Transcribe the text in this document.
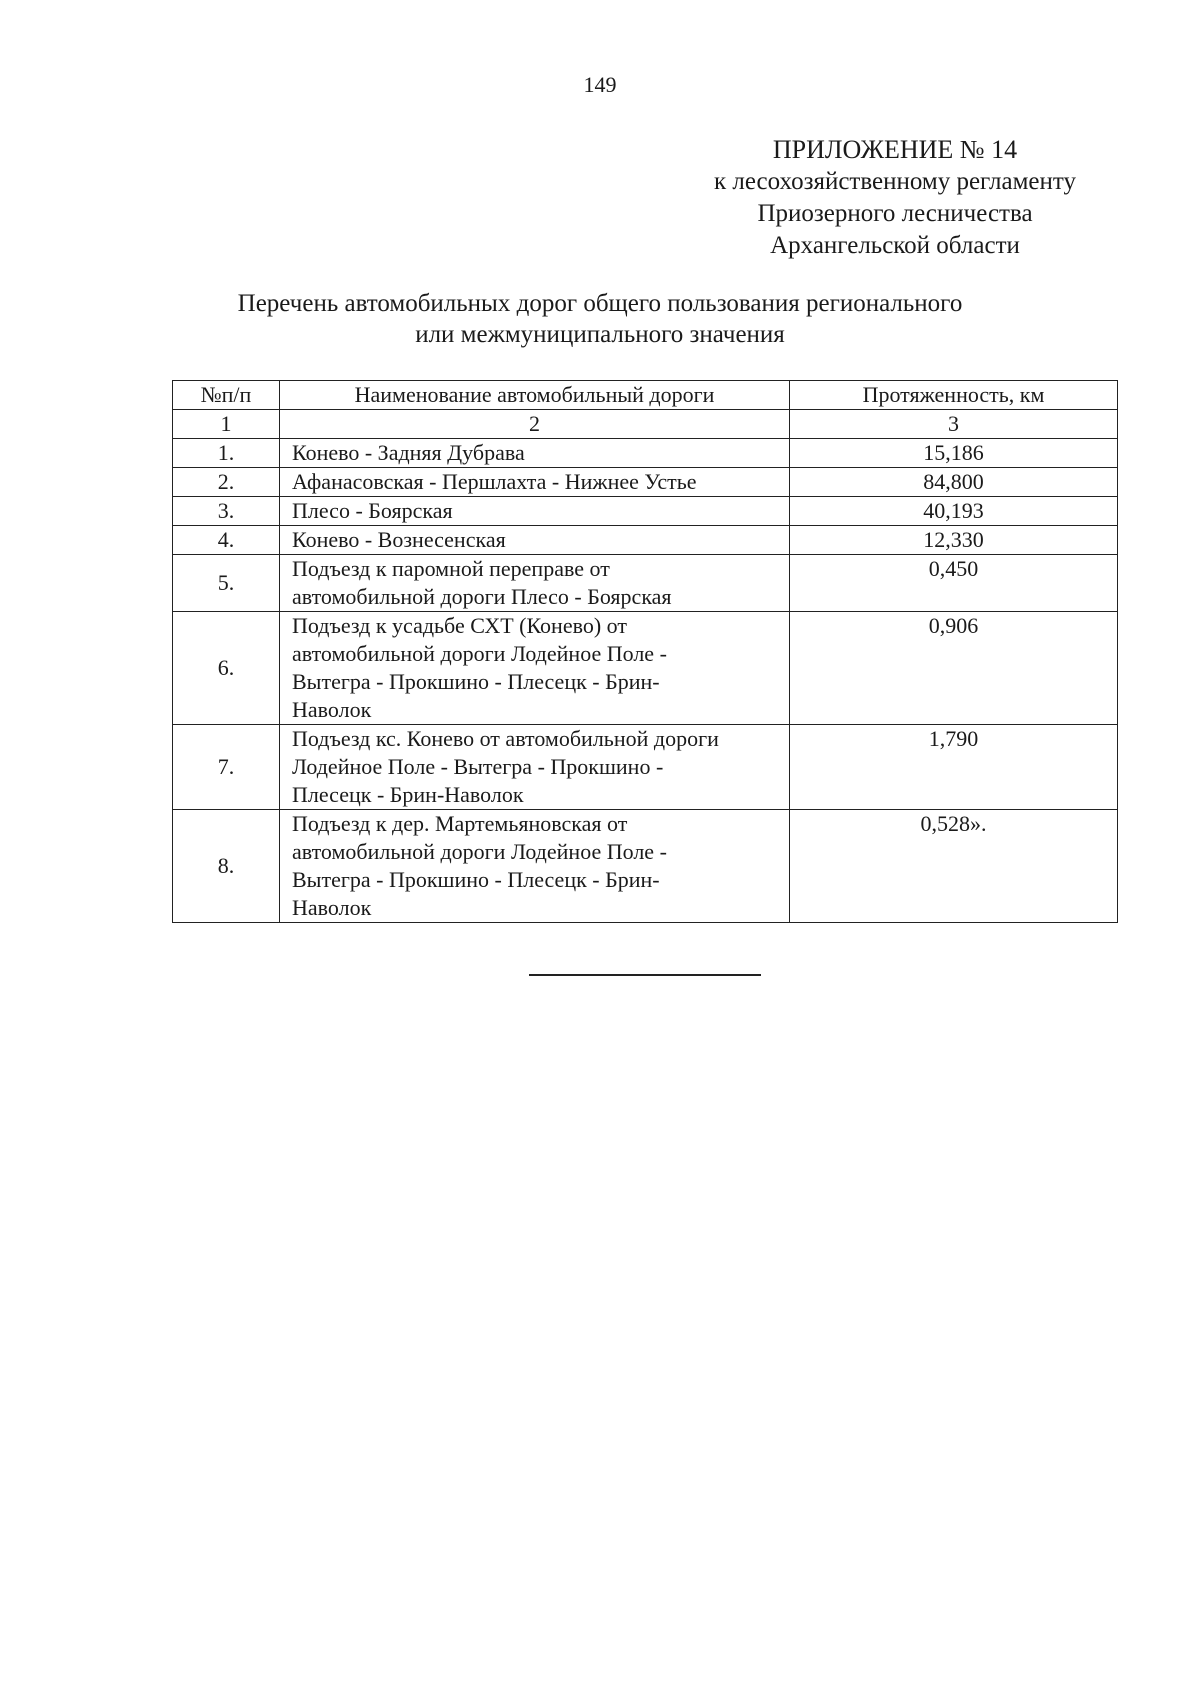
149
ПРИЛОЖЕНИЕ № 14
к лесохозяйственному регламенту
Приозерного лесничества
Архангельской области
Перечень автомобильных дорог общего пользования регионального
или межмуниципального значения
№п/п	Наименование автомобильный дороги	Протяженность, км
1	2	3
1.	Конево - Задняя Дубрава	15,186
2.	Афанасовская - Першлахта - Нижнее Устье	84,800
3.	Плесо - Боярская	40,193
4.	Конево - Вознесенская	12,330
5.	Подъезд к паромной переправе от
автомобильной дороги Плесо - Боярская	0,450
6.	Подъезд к усадьбе СХТ (Конево) от
автомобильной дороги Лодейное Поле -
Вытегра - Прокшино - Плесецк - Брин-
Наволок	0,906
7.	Подъезд кс. Конево от автомобильной дороги
Лодейное Поле - Вытегра - Прокшино -
Плесецк - Брин-Наволок	1,790
8.	Подъезд к дер. Мартемьяновская от
автомобильной дороги Лодейное Поле -
Вытегра - Прокшино - Плесецк - Брин-
Наволок	0,528».
